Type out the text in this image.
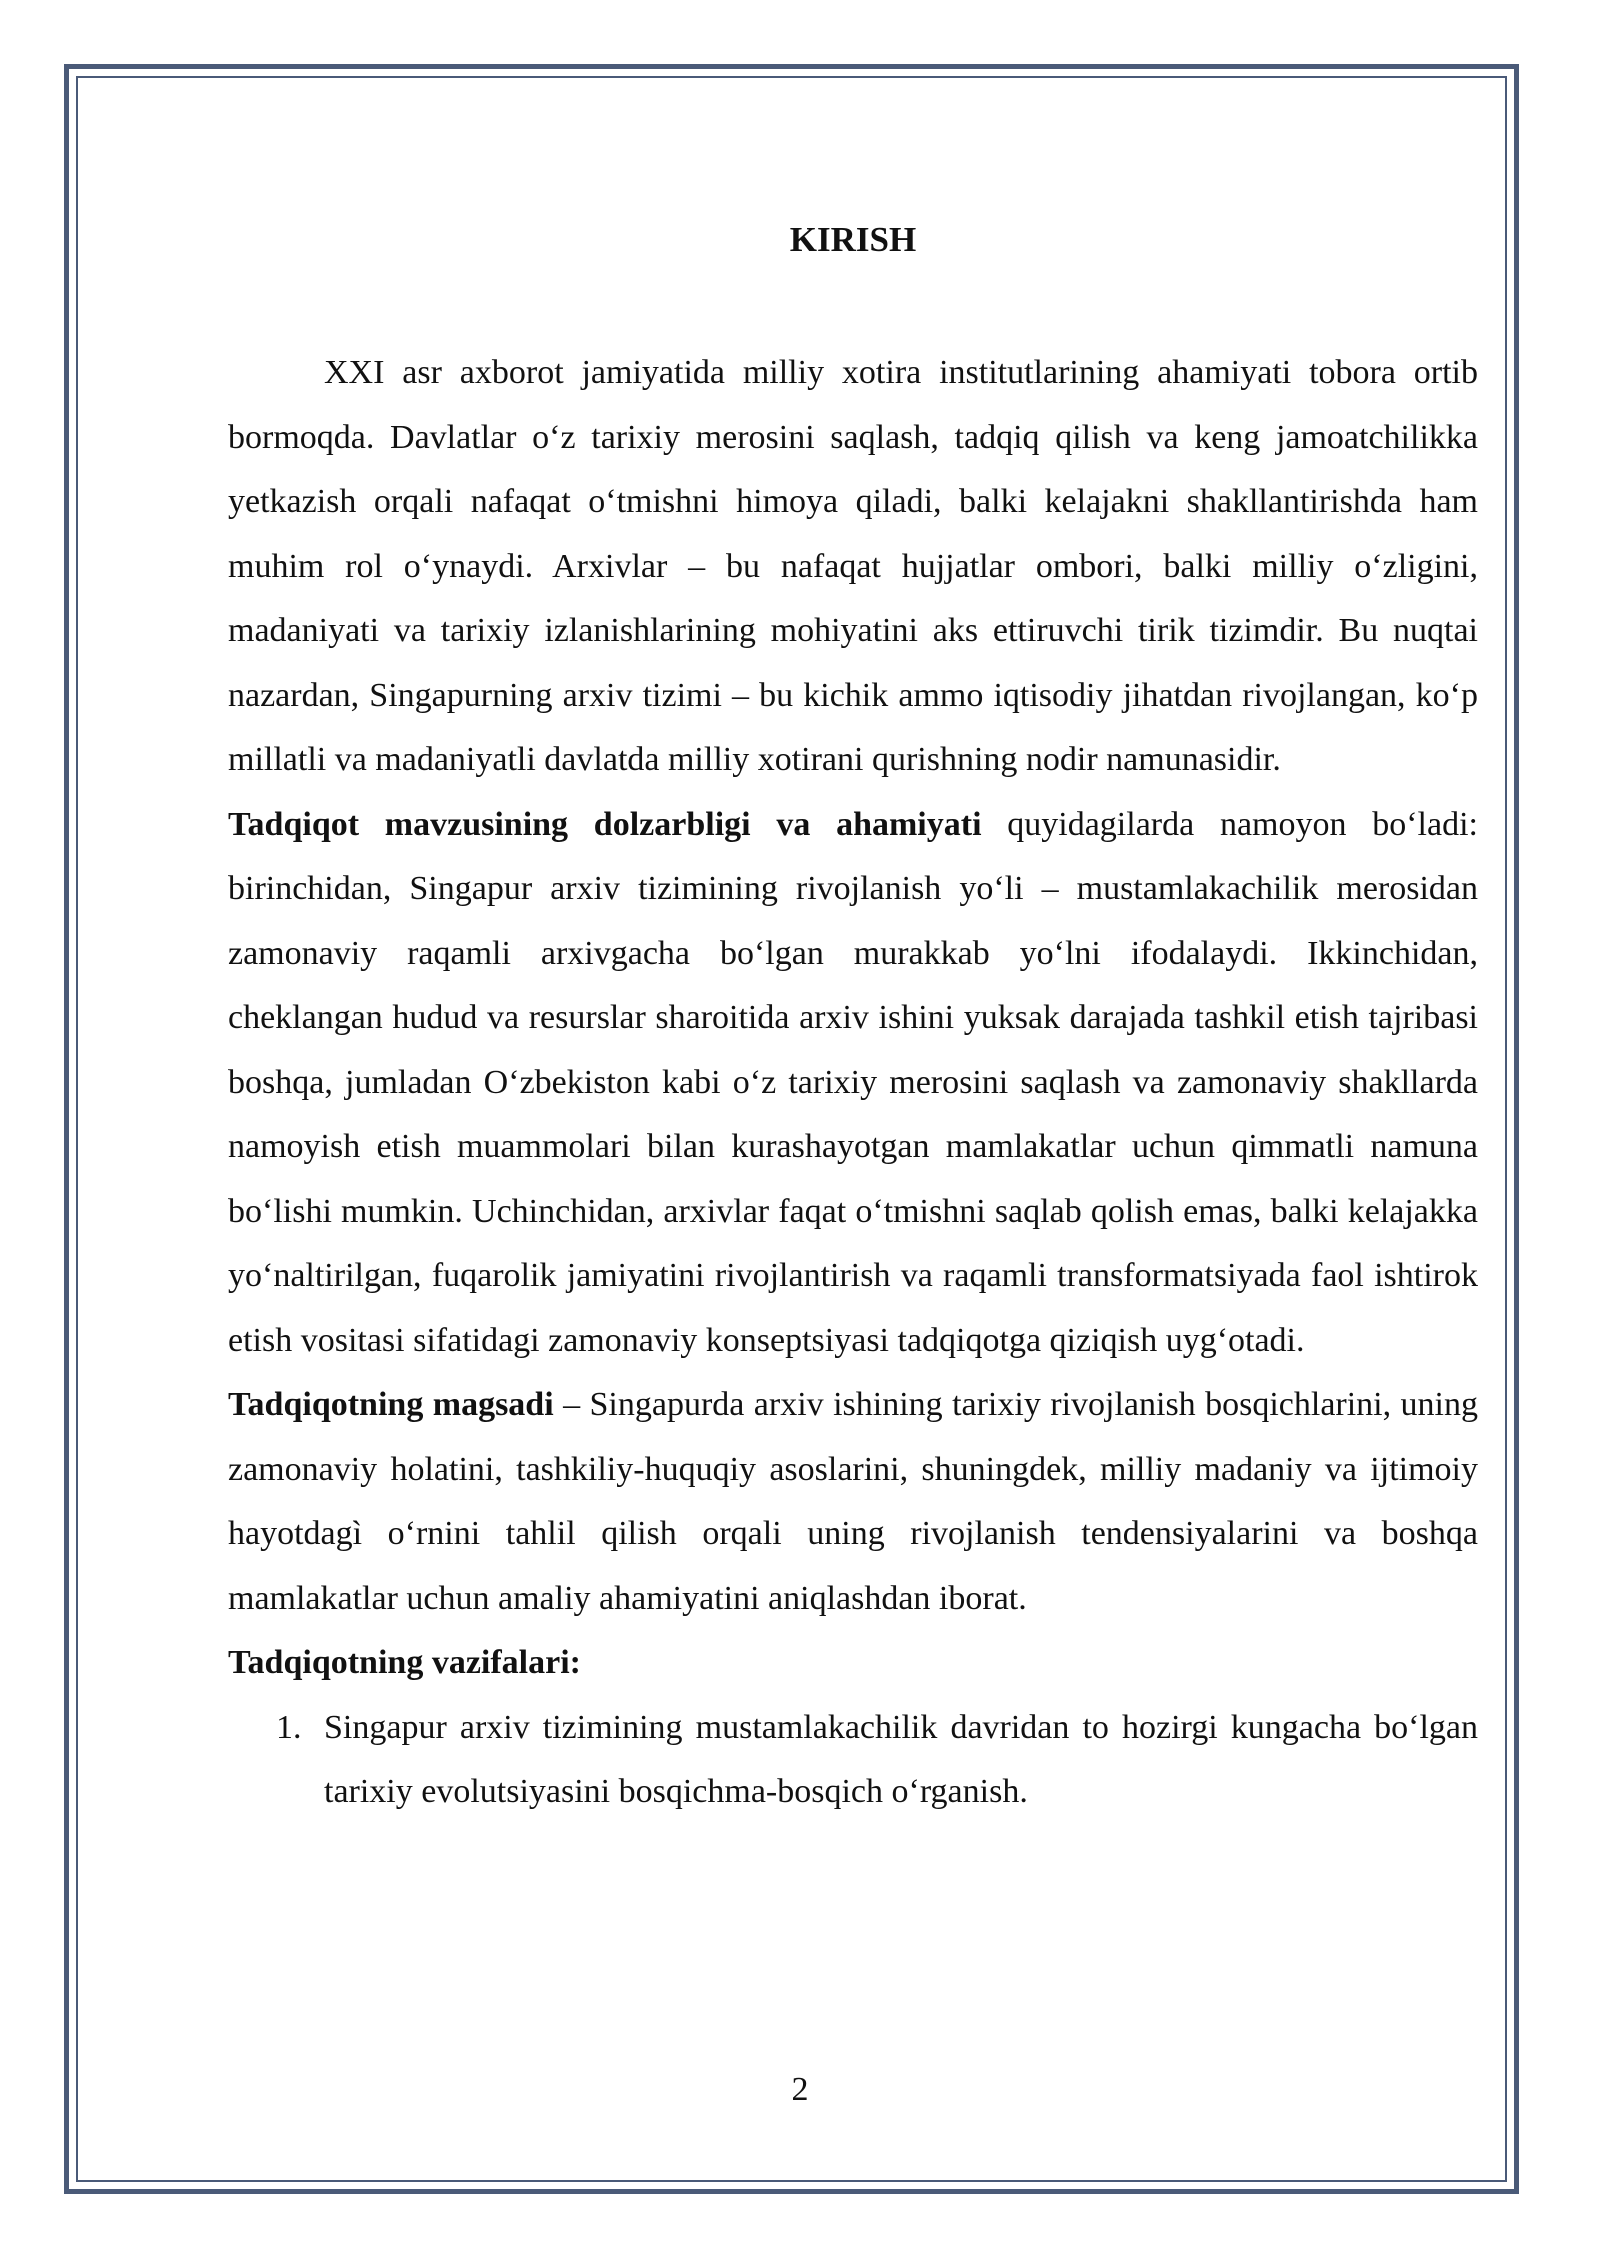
KIRISH

XXI asr axborot jamiyatida milliy xotira institutlarining ahamiyati tobora ortib bormoqda. Davlatlar o‘z tarixiy merosini saqlash, tadqiq qilish va keng jamoatchilikka yetkazish orqali nafaqat o‘tmishni himoya qiladi, balki kelajakni shakllantirishda ham muhim rol o‘ynaydi. Arxivlar – bu nafaqat hujjatlar ombori, balki milliy o‘zligini, madaniyati va tarixiy izlanishlarining mohiyatini aks ettiruvchi tirik tizimdir. Bu nuqtai nazardan, Singapurning arxiv tizimi – bu kichik ammo iqtisodiy jihatdan rivojlangan, ko‘p millatli va madaniyatli davlatda milliy xotirani qurishning nodir namunasidir.

Tadqiqot mavzusining dolzarbligi va ahamiyati quyidagilarda namoyon bo‘ladi: birinchidan, Singapur arxiv tizimining rivojlanish yo‘li – mustamlakachilik merosidan zamonaviy raqamli arxivgacha bo‘lgan murakkab yo‘lni ifodalaydi. Ikkinchidan, cheklangan hudud va resurslar sharoitida arxiv ishini yuksak darajada tashkil etish tajribasi boshqa, jumladan O‘zbekiston kabi o‘z tarixiy merosini saqlash va zamonaviy shakllarda namoyish etish muammolari bilan kurashayotgan mamlakatlar uchun qimmatli namuna bo‘lishi mumkin. Uchinchidan, arxivlar faqat o‘tmishni saqlab qolish emas, balki kelajakka yo‘naltirilgan, fuqarolik jamiyatini rivojlantirish va raqamli transformatsiyada faol ishtirok etish vositasi sifatidagi zamonaviy konseptsiyasi tadqiqotga qiziqish uyg‘otadi.

Tadqiqotning magsadi – Singapurda arxiv ishining tarixiy rivojlanish bosqichlarini, uning zamonaviy holatini, tashkiliy-huquqiy asoslarini, shuningdek, milliy madaniy va ijtimoiy hayotdagì o‘rnini tahlil qilish orqali uning rivojlanish tendensiyalarini va boshqa mamlakatlar uchun amaliy ahamiyatini aniqlashdan iborat.

Tadqiqotning vazifalari:

1. Singapur arxiv tizimining mustamlakachilik davridan to hozirgi kungacha bo‘lgan tarixiy evolutsiyasini bosqichma-bosqich o‘rganish.
2
